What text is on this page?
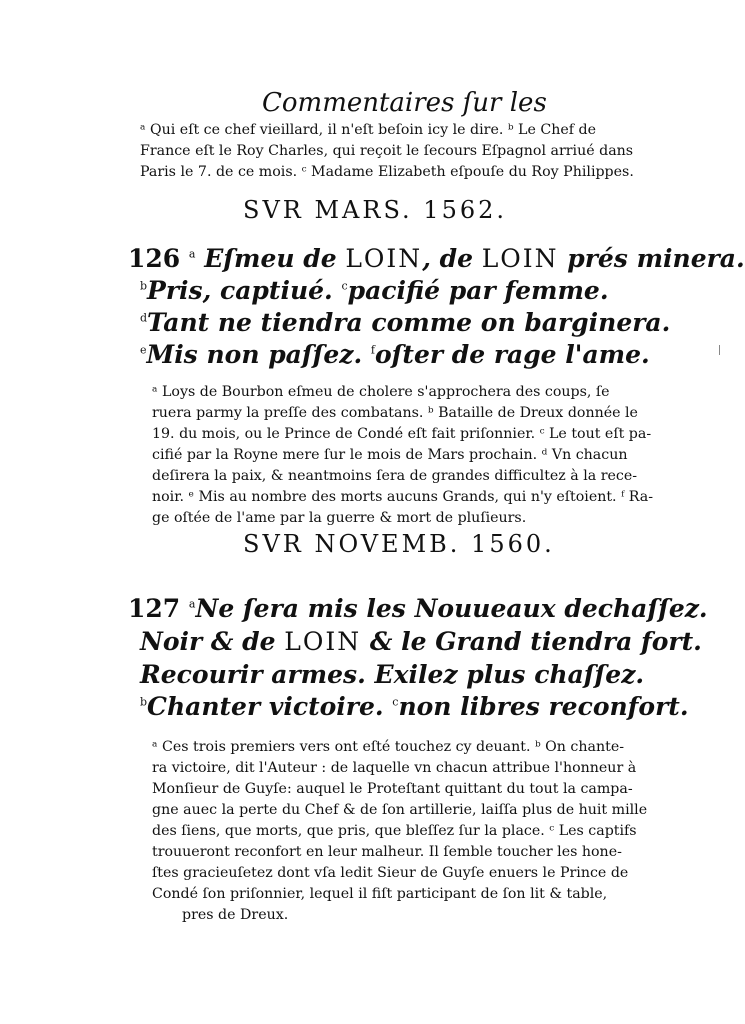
Commentaires ſur les
ᵃ Qui eſt ce chef vieillard, il n'eſt beſoin icy le dire. ᵇ Le Chef de
France eſt le Roy Charles, qui reçoit le ſecours Eſpagnol arriué dans
Paris le 7. de ce mois. ᶜ Madame Elizabeth eſpouſe du Roy Philippes.
SVR MARS. 1562.
126 $^a$ Eſmeu de LOIN, de LOIN prés minera.
$^b$Pris, captiué. $^c$pacifié par femme.
$^d$Tant ne tiendra comme on barginera.
$^e$Mis non paſſez. $^f$oſter de rage l'ame.
ᵃ Loys de Bourbon eſmeu de cholere s'approchera des coups, ſe
ruera parmy la preſſe des combatans. ᵇ Bataille de Dreux donnée le
19. du mois, ou le Prince de Condé eſt fait priſonnier. ᶜ Le tout eſt pa-
cifié par la Royne mere ſur le mois de Mars prochain. ᵈ Vn chacun
deſirera la paix, & neantmoins ſera de grandes difficultez à la rece-
noir. ᵉ Mis au nombre des morts aucuns Grands, qui n'y eſtoient. ᶠ Ra-
ge oſtée de l'ame par la guerre & mort de pluſieurs.
SVR NOVEMB. 1560.
127 $^a$Ne ſera mis les Nouueaux dechaſſez.
Noir & de LOIN & le Grand tiendra fort.
Recourir armes. Exilez plus chaſſez.
$^b$Chanter victoire. $^c$non libres reconfort.
ᵃ Ces trois premiers vers ont eſté touchez cy deuant. ᵇ On chante-
ra victoire, dit l'Auteur : de laquelle vn chacun attribue l'honneur à
Monſieur de Guyſe: auquel le Proteſtant quittant du tout la campa-
gne auec la perte du Chef & de ſon artillerie, laiſſa plus de huit mille
des ſiens, que morts, que pris, que bleſſez ſur la place. ᶜ Les captifs
trouueront reconfort en leur malheur. Il ſemble toucher les hone-
ſtes gracieuſetez dont vſa ledit Sieur de Guyſe enuers le Prince de
Condé ſon priſonnier, lequel il fiſt participant de ſon lit & table,
pres de Dreux.
